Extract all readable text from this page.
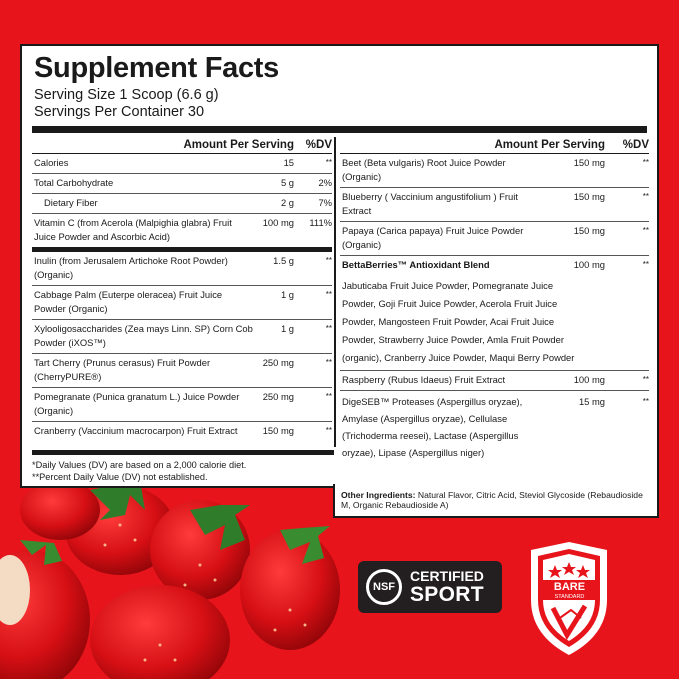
Supplement Facts
Serving Size 1 Scoop (6.6 g)
Servings Per Container 30
Amount Per Serving	%DV
Calories	15	**
Total Carbohydrate	5 g	2%
Dietary Fiber	2 g	7%
Vitamin C (from Acerola (Malpighia glabra) Fruit Juice Powder and Ascorbic Acid)
100 mg	111%
Inulin (from Jerusalem Artichoke Root Powder) (Organic)
1.5 g	**
Cabbage Palm (Euterpe oleracea) Fruit Juice Powder (Organic)
1 g	**
Xylooligosaccharides (Zea mays Linn. SP) Corn Cob Powder (iXOS™)
1 g	**
Tart Cherry (Prunus cerasus) Fruit Powder (CherryPURE®)
250 mg	**
Pomegranate (Punica granatum L.) Juice Powder (Organic)
250 mg	**
Cranberry (Vaccinium macrocarpon) Fruit Extract	150 mg	**
Amount Per Serving	%DV
Beet (Beta vulgaris) Root Juice Powder (Organic)
150 mg	**
Blueberry ( Vaccinium angustifolium ) Fruit Extract
150 mg	**
Papaya (Carica papaya) Fruit Juice Powder (Organic)
150 mg	**
BettaBerries™ Antioxidant Blend	100 mg	**
Jabuticaba Fruit Juice Powder, Pomegranate Juice Powder, Goji Fruit Juice Powder, Acerola Fruit Juice Powder, Mangosteen Fruit Powder, Acai Fruit Juice Powder, Strawberry Juice Powder, Amla Fruit Powder (organic), Cranberry Juice Powder, Maqui Berry Powder
Raspberry (Rubus Idaeus) Fruit Extract	100 mg	**
DigeSEB™ Proteases (Aspergillus oryzae), Amylase (Aspergillus oryzae), Cellulase (Trichoderma reesei), Lactase (Aspergillus oryzae), Lipase (Aspergillus niger)
15 mg	**
*Daily Values (DV) are based on a 2,000 calorie diet.
**Percent Daily Value (DV) not established.
Other Ingredients: Natural Flavor, Citric Acid, Steviol Glycoside (Rebaudioside M, Organic Rebaudioside A)
NSF
CERTIFIED
SPORT	BARE
STANDARD
